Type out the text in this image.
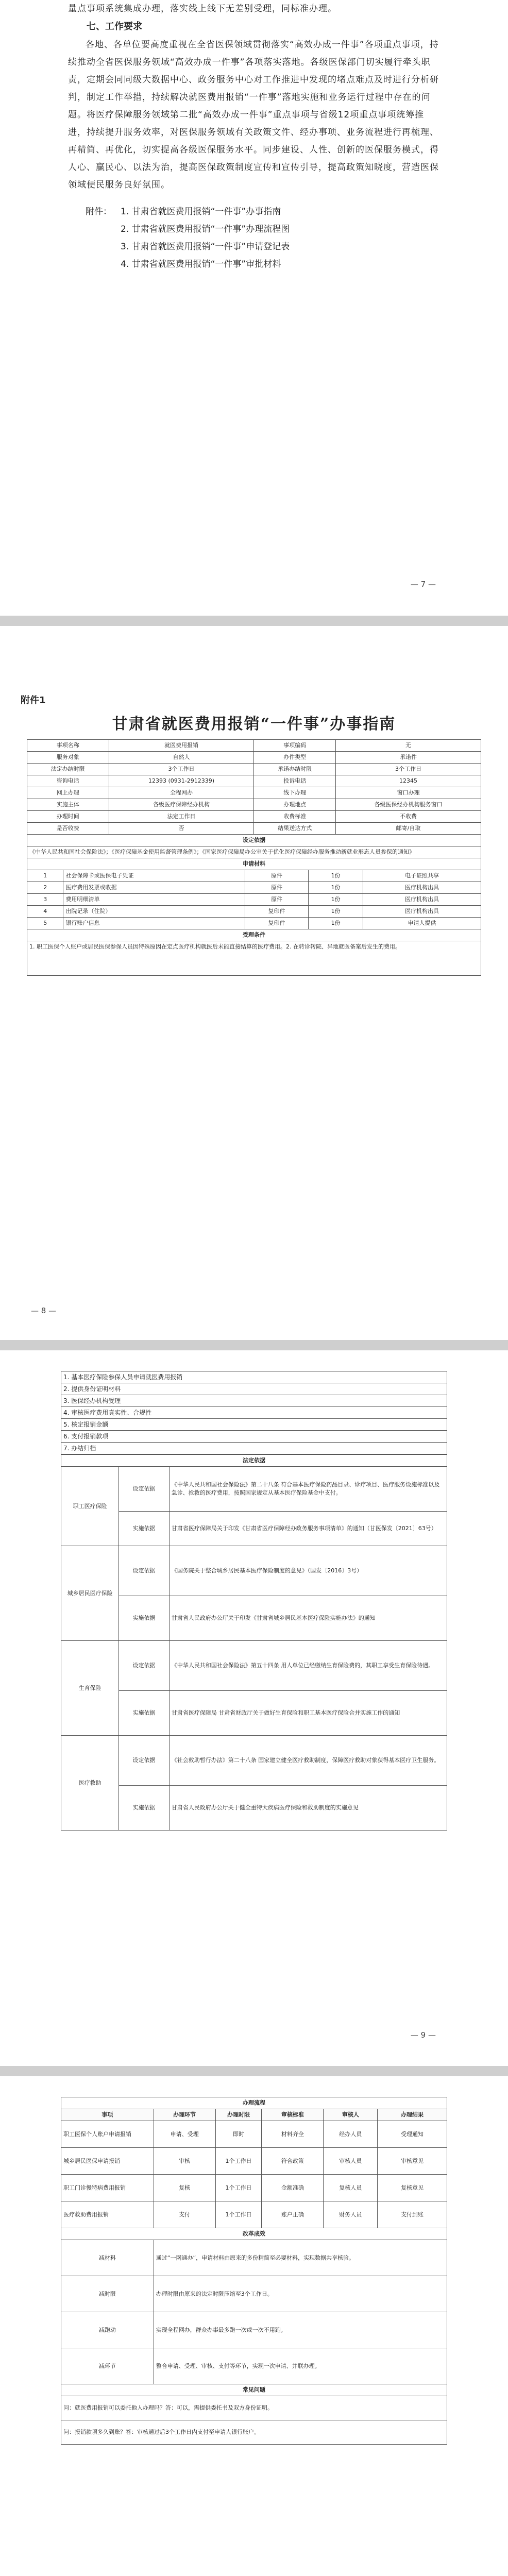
量点事项系统集成办理，落实线上线下无差别受理，同标准办理。

七、工作要求

各地、各单位要高度重视在全省医保领域贯彻落实“高效办成一件事”各项重点事项，持续推动全省医保服务领域“高效办成一件事”各项落实落地。各级医保部门切实履行牵头职责，定期会同同级大数据中心、政务服务中心对工作推进中发现的堵点难点及时进行分析研判，制定工作举措，持续解决就医费用报销“一件事”落地实施和业务运行过程中存在的问题。将医疗保障服务领域第二批“高效办成一件事”重点事项与省级12项重点事项统筹推进，持续提升服务效率，对医保服务领域有关政策文件、经办事项、业务流程进行再梳理、再精简、再优化，切实提高各级医保服务水平。同步建设、人性、创新的医保服务模式，得人心、赢民心、以法为治，提高医保政策制度宣传和宣传引导，提高政策知晓度，营造医保领域便民服务良好氛围。

附件：	1. 甘肃省就医费用报销“一件事”办事指南
2. 甘肃省就医费用报销“一件事”办理流程图
3. 甘肃省就医费用报销“一件事”申请登记表
4. 甘肃省就医费用报销“一件事”审批材料
— 7 —
附件1
甘肃省就医费用报销“一件事”办事指南
事项名称	就医费用报销	事项编码	无
服务对象	自然人	办件类型	承诺件
法定办结时限	3个工作日	承诺办结时限	3个工作日
咨询电话	12393 (0931-2912339)	投诉电话	12345
网上办理	全程网办	线下办理	窗口办理
实施主体	各级医疗保障经办机构	办理地点	各级医保经办机构服务窗口
办理时间	法定工作日	收费标准	不收费
是否收费	否	结果送达方式	邮寄/自取
设定依据			
《中华人民共和国社会保险法》；《医疗保障基金使用监督管理条例》；《国家医疗保障局办公室关于优化医疗保障经办服务推动新就业形态人员参保的通知》			
申请材料			
1	社会保障卡或医保电子凭证	原件	1份	电子证照共享
2	医疗费用发票或收据	原件	1份	医疗机构出具
3	费用明细清单	原件	1份	医疗机构出具
4	出院记录（住院）	复印件	1份	医疗机构出具
5	银行账户信息	复印件	1份	申请人提供
受理条件				
1. 职工医保个人账户或居民医保参保人员因特殊原因在定点医疗机构就医后未能直接结算的医疗费用。2. 在转诊转院、异地就医备案后发生的费用。				
— 8 —
1. 基本医疗保险参保人员申请就医费用报销
2. 提供身份证明材料
3. 医保经办机构受理
4. 审核医疗费用真实性、合规性
5. 核定报销金额
6. 支付报销款项
7. 办结归档
法定依据		
职工医疗保险	设定依据	《中华人民共和国社会保险法》第二十八条 符合基本医疗保险药品目录、诊疗项目、医疗服务设施标准以及急诊、抢救的医疗费用，按照国家规定从基本医疗保险基金中支付。
	实施依据	甘肃省医疗保障局关于印发《甘肃省医疗保障经办政务服务事项清单》的通知（甘医保发〔2021〕63号）
城乡居民医疗保险	设定依据	《国务院关于整合城乡居民基本医疗保险制度的意见》（国发〔2016〕3号）
	实施依据	甘肃省人民政府办公厅关于印发《甘肃省城乡居民基本医疗保险实施办法》的通知
生育保险	设定依据	《中华人民共和国社会保险法》第五十四条 用人单位已经缴纳生育保险费的，其职工享受生育保险待遇。
	实施依据	甘肃省医疗保障局 甘肃省财政厅关于做好生育保险和职工基本医疗保险合并实施工作的通知
医疗救助	设定依据	《社会救助暂行办法》第二十八条 国家建立健全医疗救助制度，保障医疗救助对象获得基本医疗卫生服务。
	实施依据	甘肃省人民政府办公厅关于健全重特大疾病医疗保险和救助制度的实施意见
— 9 —
办理流程					
事项	办理环节	办理时限	审核标准	审核人	办理结果
职工医保个人账户申请报销	申请、受理	即时	材料齐全	经办人员	受理通知
城乡居民医保申请报销	审核	1个工作日	符合政策	审核人员	审核意见
职工门诊慢特病费用报销	复核	1个工作日	金额准确	复核人员	复核意见
医疗救助费用报销	支付	1个工作日	账户正确	财务人员	支付到账
改革成效					
减材料	通过“一网通办”，申请材料由原来的多份精简至必要材料，实现数据共享核验。				
减时限	办理时限由原来的法定时限压缩至3个工作日。				
减跑动	实现全程网办，群众办事最多跑一次或一次不用跑。				
减环节	整合申请、受理、审核、支付等环节，实现一次申请、并联办理。				
常见问题					
问：就医费用报销可以委托他人办理吗？答：可以，需提供委托书及双方身份证明。					
问：报销款项多久到账？答：审核通过后3个工作日内支付至申请人银行账户。					
